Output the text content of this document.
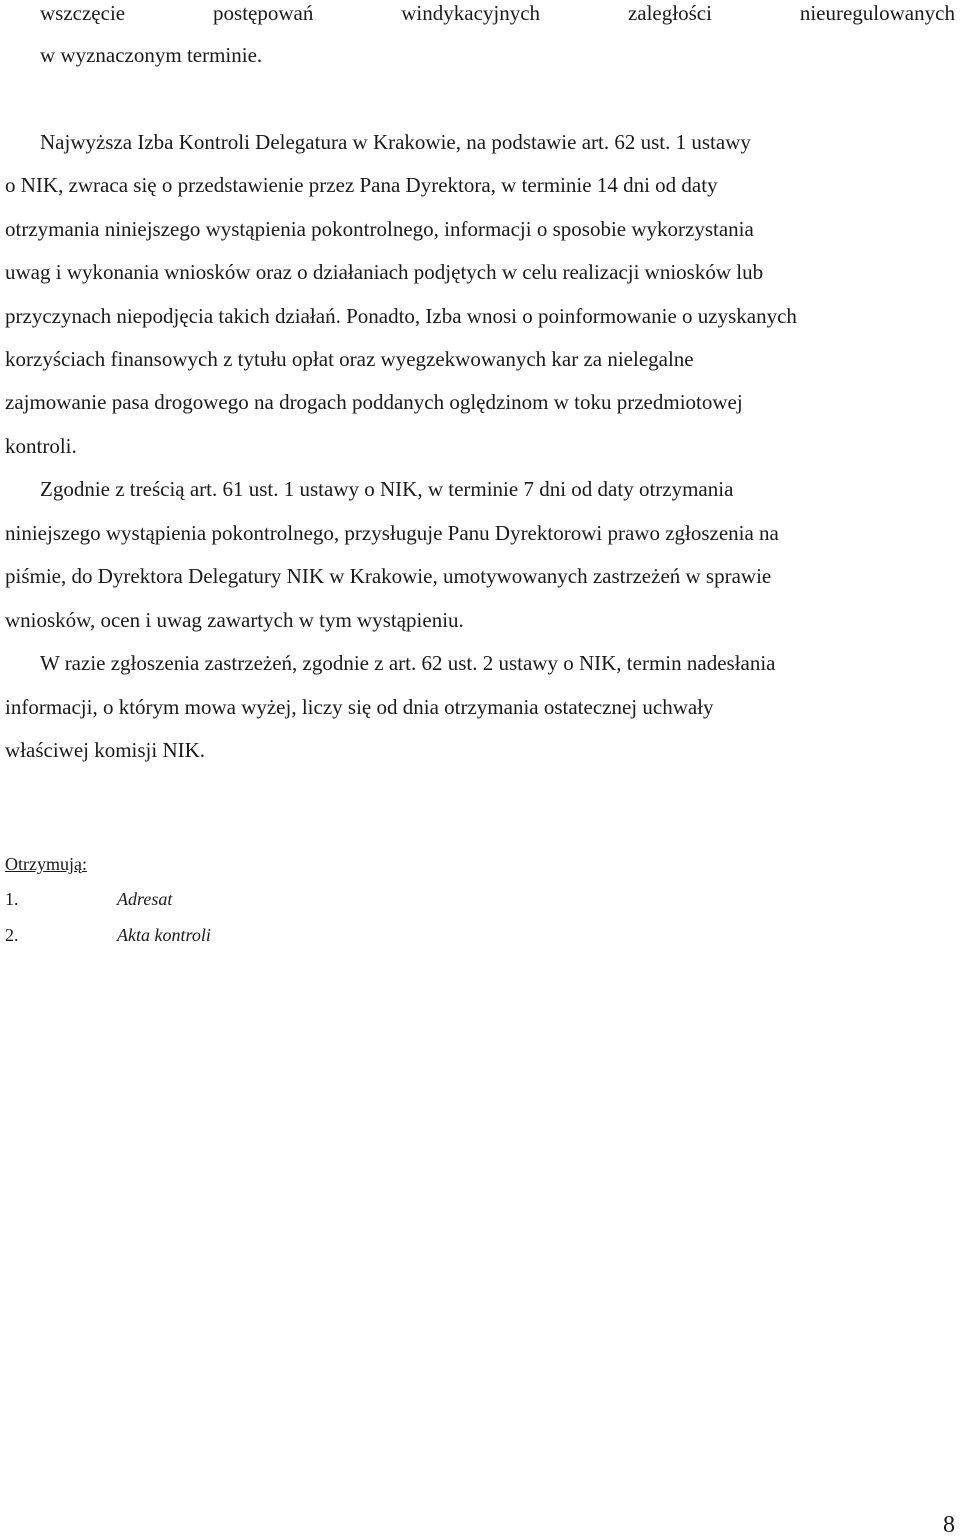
wszczęcie	postępowań	windykacyjnych	zaległości	nieuregulowanych
w wyznaczonym terminie.
Najwyższa Izba Kontroli Delegatura w Krakowie, na podstawie art. 62 ust. 1 ustawy
o NIK, zwraca się o przedstawienie przez Pana Dyrektora, w terminie 14 dni od daty
otrzymania niniejszego wystąpienia pokontrolnego, informacji o sposobie wykorzystania
uwag i wykonania wniosków oraz o działaniach podjętych w celu realizacji wniosków lub
przyczynach niepodjęcia takich działań. Ponadto, Izba wnosi o poinformowanie o uzyskanych
korzyściach finansowych z tytułu opłat oraz wyegzekwowanych kar za nielegalne
zajmowanie pasa drogowego na drogach poddanych oględzinom w toku przedmiotowej
kontroli.
Zgodnie z treścią art. 61 ust. 1 ustawy o NIK, w terminie 7 dni od daty otrzymania
niniejszego wystąpienia pokontrolnego, przysługuje Panu Dyrektorowi prawo zgłoszenia na
piśmie, do Dyrektora Delegatury NIK w Krakowie, umotywowanych zastrzeżeń w sprawie
wniosków, ocen i uwag zawartych w tym wystąpieniu.
W razie zgłoszenia zastrzeżeń, zgodnie z art. 62 ust. 2 ustawy o NIK, termin nadesłania
informacji, o którym mowa wyżej, liczy się od dnia otrzymania ostatecznej uchwały
właściwej komisji NIK.
Otrzymują:
1.	Adresat
2.	Akta kontroli
8
